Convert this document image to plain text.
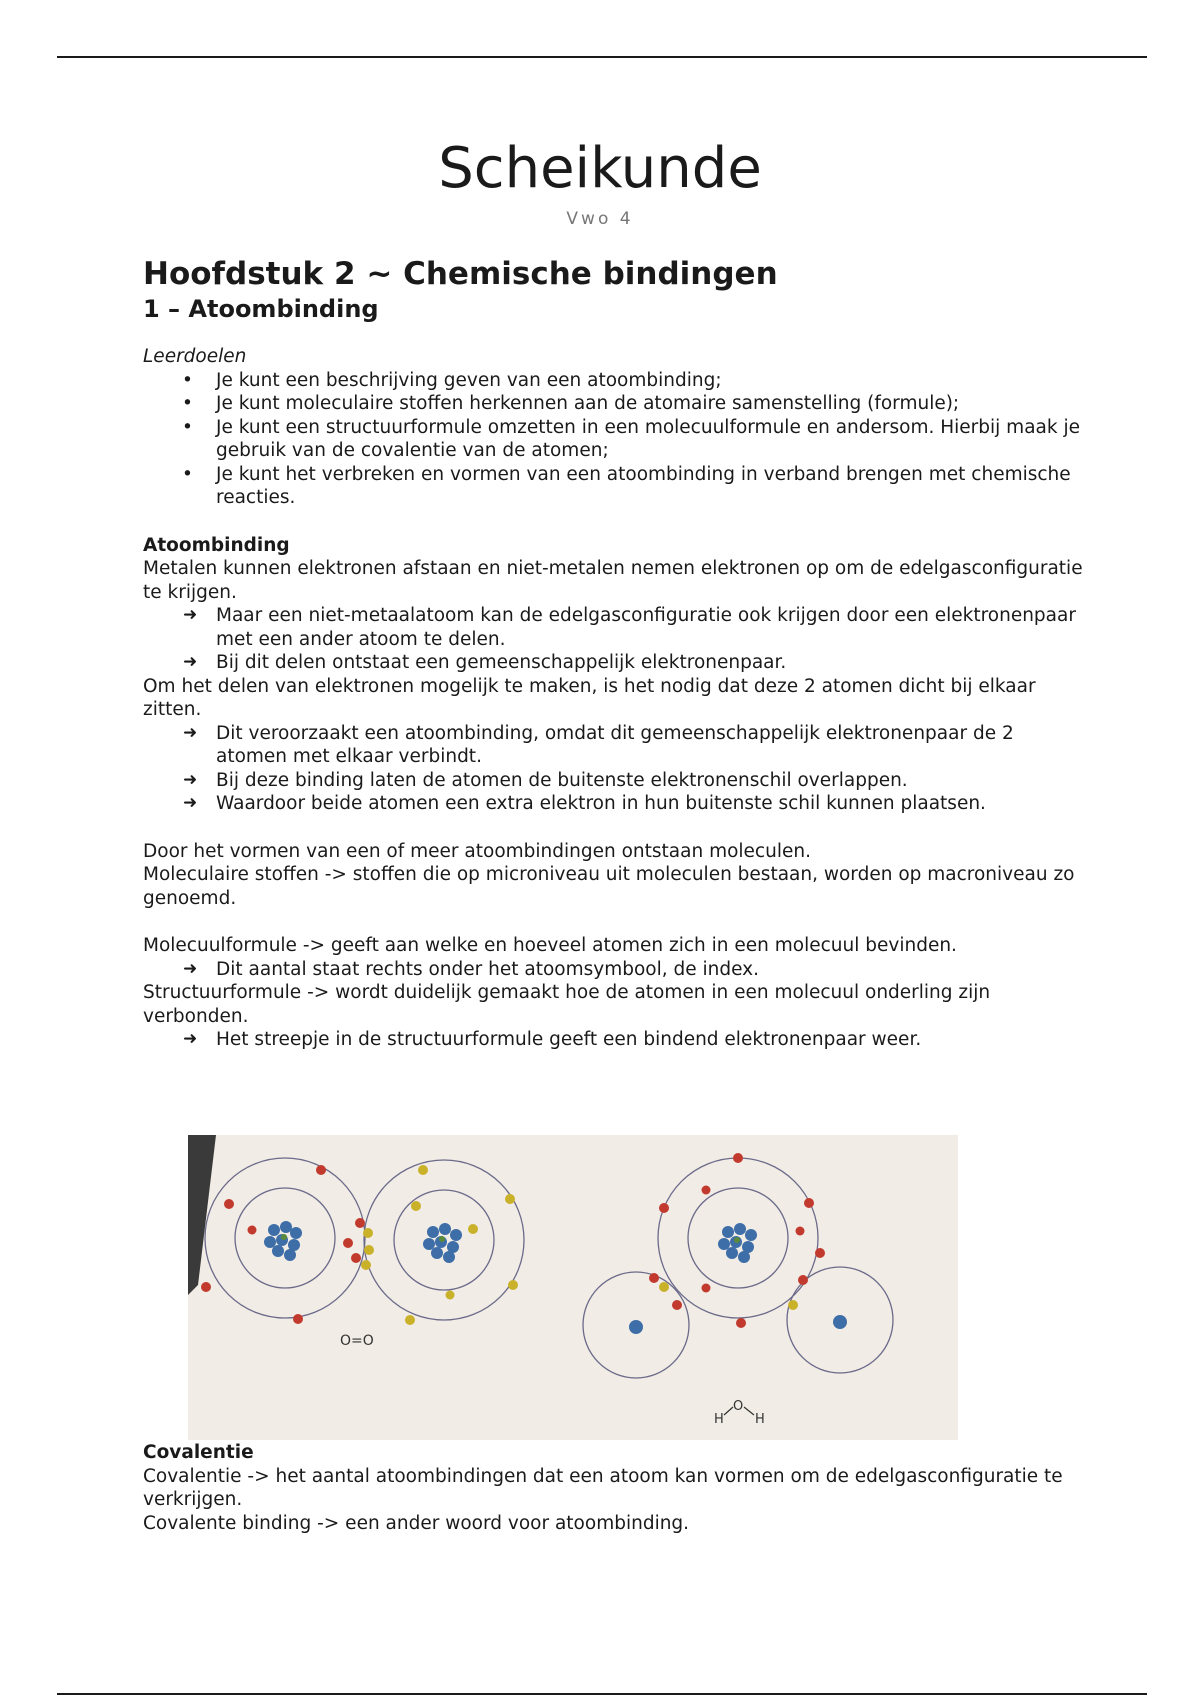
Scheikunde
Vwo 4
Hoofdstuk 2 ~ Chemische bindingen
1 – Atoombinding
Leerdoelen
• Je kunt een beschrijving geven van een atoombinding;
• Je kunt moleculaire stoffen herkennen aan de atomaire samenstelling (formule);
• Je kunt een structuurformule omzetten in een molecuulformule en andersom. Hierbij maak je gebruik van de covalentie van de atomen;
• Je kunt het verbreken en vormen van een atoombinding in verband brengen met chemische reacties.
Atoombinding

Metalen kunnen elektronen afstaan en niet-metalen nemen elektronen op om de edelgasconfiguratie te krijgen.

➜ Maar een niet-metaalatoom kan de edelgasconfiguratie ook krijgen door een elektronenpaar met een ander atoom te delen.
➜ Bij dit delen ontstaat een gemeenschappelijk elektronenpaar.

Om het delen van elektronen mogelijk te maken, is het nodig dat deze 2 atomen dicht bij elkaar zitten.

➜ Dit veroorzaakt een atoombinding, omdat dit gemeenschappelijk elektronenpaar de 2 atomen met elkaar verbindt.
➜ Bij deze binding laten de atomen de buitenste elektronenschil overlappen.
➜ Waardoor beide atomen een extra elektron in hun buitenste schil kunnen plaatsen.

Door het vormen van een of meer atoombindingen ontstaan moleculen.

Moleculaire stoffen -> stoffen die op microniveau uit moleculen bestaan, worden op macroniveau zo genoemd.

Molecuulformule -> geeft aan welke en hoeveel atomen zich in een molecuul bevinden.

➜ Dit aantal staat rechts onder het atoomsymbool, de index.

Structuurformule -> wordt duidelijk gemaakt hoe de atomen in een molecuul onderling zijn verbonden.

➜ Het streepje in de structuurformule geeft een bindend elektronenpaar weer.
O=O
O
H H
Covalentie

Covalentie -> het aantal atoombindingen dat een atoom kan vormen om de edelgasconfiguratie te verkrijgen.

Covalente binding -> een ander woord voor atoombinding.
